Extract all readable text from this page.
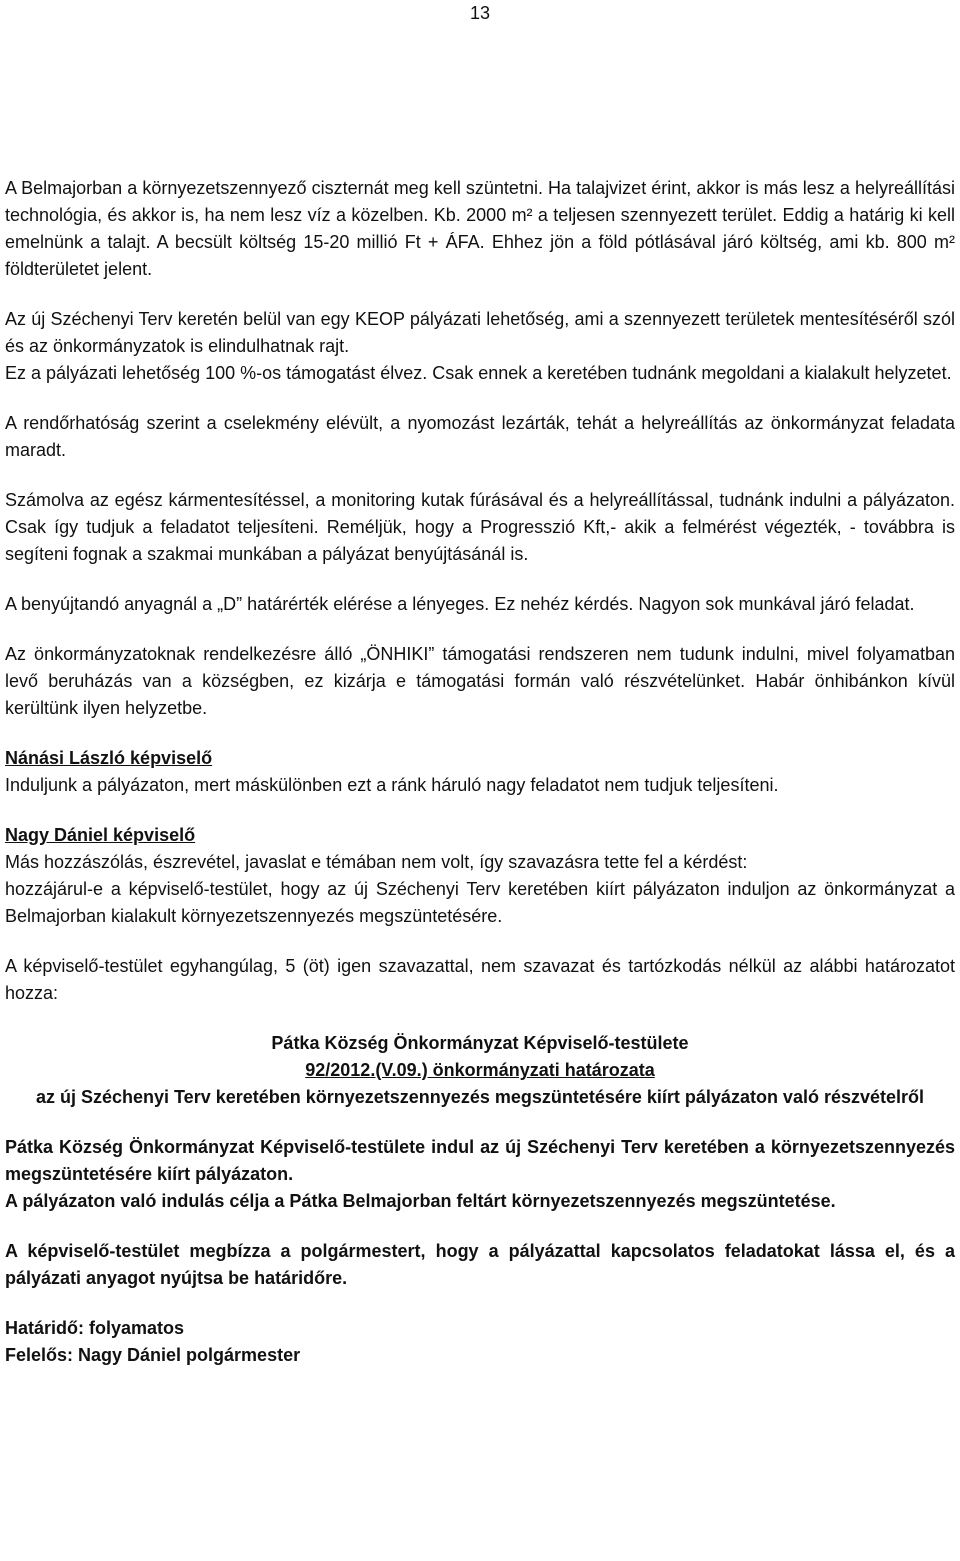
13

A Belmajorban a környezetszennyező ciszternát meg kell szüntetni. Ha talajvizet érint, akkor is más lesz a helyreállítási technológia, és akkor is, ha nem lesz víz a közelben. Kb. 2000 m² a teljesen szennyezett terület. Eddig a határig ki kell emelnünk a talajt. A becsült költség 15-20 millió Ft + ÁFA. Ehhez jön a föld pótlásával járó költség, ami kb. 800 m² földterületet jelent.

Az új Széchenyi Terv keretén belül van egy KEOP pályázati lehetőség, ami a szennyezett területek mentesítéséről szól és az önkormányzatok is elindulhatnak rajt.
Ez a pályázati lehetőség 100 %-os támogatást élvez. Csak ennek a keretében tudnánk megoldani a kialakult helyzetet.

A rendőrhatóság szerint a cselekmény elévült, a nyomozást lezárták, tehát a helyreállítás az önkormányzat feladata maradt.

Számolva az egész kármentesítéssel, a monitoring kutak fúrásával és a helyreállítással, tudnánk indulni a pályázaton. Csak így tudjuk a feladatot teljesíteni. Reméljük, hogy a Progresszió Kft,- akik a felmérést végezték, - továbbra is segíteni fognak a szakmai munkában a pályázat benyújtásánál is.

A benyújtandó anyagnál a „D” határérték elérése a lényeges. Ez nehéz kérdés. Nagyon sok munkával járó feladat.

Az önkormányzatoknak rendelkezésre álló „ÖNHIKI” támogatási rendszeren nem tudunk indulni, mivel folyamatban levő beruházás van a községben, ez kizárja e támogatási formán való részvételünket. Habár önhibánkon kívül kerültünk ilyen helyzetbe.

Nánási László képviselő
Induljunk a pályázaton, mert máskülönben ezt a ránk háruló nagy feladatot nem tudjuk teljesíteni.

Nagy Dániel képviselő
Más hozzászólás, észrevétel, javaslat e témában nem volt, így szavazásra tette fel a kérdést:
hozzájárul-e a képviselő-testület, hogy az új Széchenyi Terv keretében kiírt pályázaton induljon az önkormányzat a Belmajorban kialakult környezetszennyezés megszüntetésére.

A képviselő-testület egyhangúlag, 5 (öt) igen szavazattal, nem szavazat és tartózkodás nélkül az alábbi határozatot hozza:

Pátka Község Önkormányzat Képviselő-testülete
92/2012.(V.09.) önkormányzati határozata
az új Széchenyi Terv keretében környezetszennyezés megszüntetésére kiírt pályázaton való részvételről

Pátka Község Önkormányzat Képviselő-testülete indul az új Széchenyi Terv keretében a környezetszennyezés megszüntetésére kiírt pályázaton.
A pályázaton való indulás célja a Pátka Belmajorban feltárt környezetszennyezés megszüntetése.

A képviselő-testület megbízza a polgármestert, hogy a pályázattal kapcsolatos feladatokat lássa el, és a pályázati anyagot nyújtsa be határidőre.

Határidő: folyamatos
Felelős: Nagy Dániel polgármester
